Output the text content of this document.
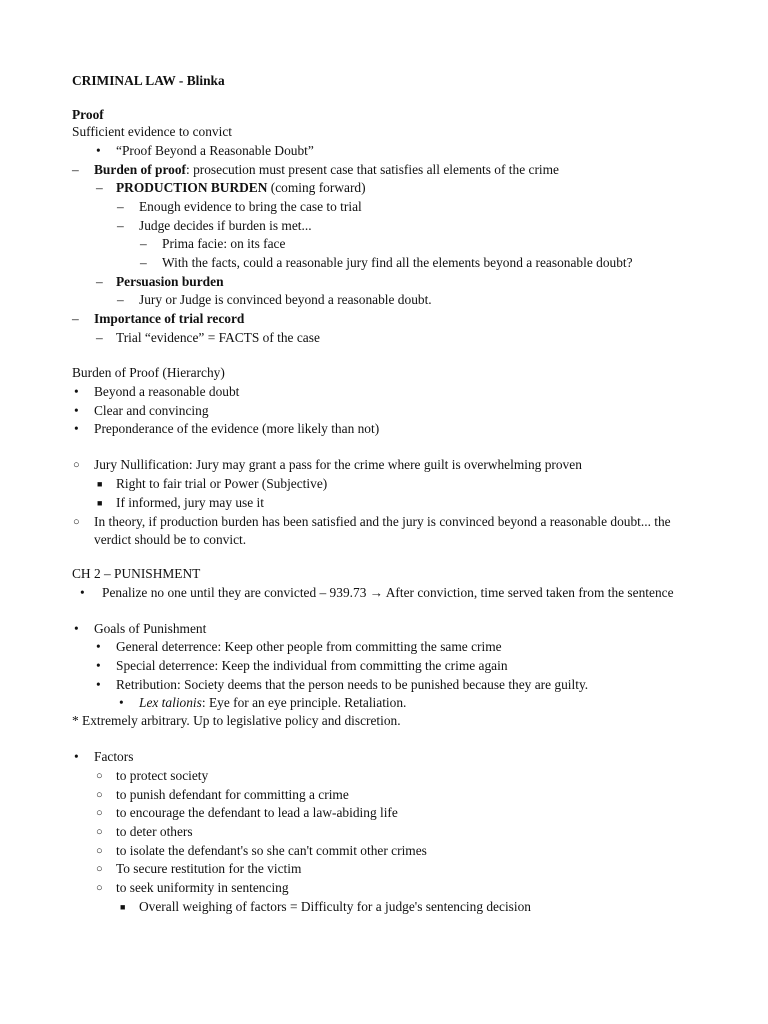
CRIMINAL LAW - Blinka
Proof
Sufficient evidence to convict
• “Proof Beyond a Reasonable Doubt”
– Burden of proof: prosecution must present case that satisfies all elements of the crime
– PRODUCTION BURDEN (coming forward)
– Enough evidence to bring the case to trial
– Judge decides if burden is met...
– Prima facie: on its face
– With the facts, could a reasonable jury find all the elements beyond a reasonable doubt?
– Persuasion burden
– Jury or Judge is convinced beyond a reasonable doubt.
– Importance of trial record
– Trial “evidence” = FACTS of the case
Burden of Proof (Hierarchy)
• Beyond a reasonable doubt
• Clear and convincing
• Preponderance of the evidence (more likely than not)
○ Jury Nullification: Jury may grant a pass for the crime where guilt is overwhelming proven
■ Right to fair trial or Power (Subjective)
■ If informed, jury may use it
○ In theory, if production burden has been satisfied and the jury is convinced beyond a reasonable doubt... the verdict should be to convict.
CH 2 – PUNISHMENT
• Penalize no one until they are convicted – 939.73 → After conviction, time served taken from the sentence
• Goals of Punishment
• General deterrence: Keep other people from committing the same crime
• Special deterrence: Keep the individual from committing the crime again
• Retribution: Society deems that the person needs to be punished because they are guilty.
• Lex talionis: Eye for an eye principle. Retaliation.
* Extremely arbitrary. Up to legislative policy and discretion.
• Factors
○ to protect society
○ to punish defendant for committing a crime
○ to encourage the defendant to lead a law-abiding life
○ to deter others
○ to isolate the defendant's so she can't commit other crimes
○ To secure restitution for the victim
○ to seek uniformity in sentencing
■ Overall weighing of factors = Difficulty for a judge's sentencing decision
